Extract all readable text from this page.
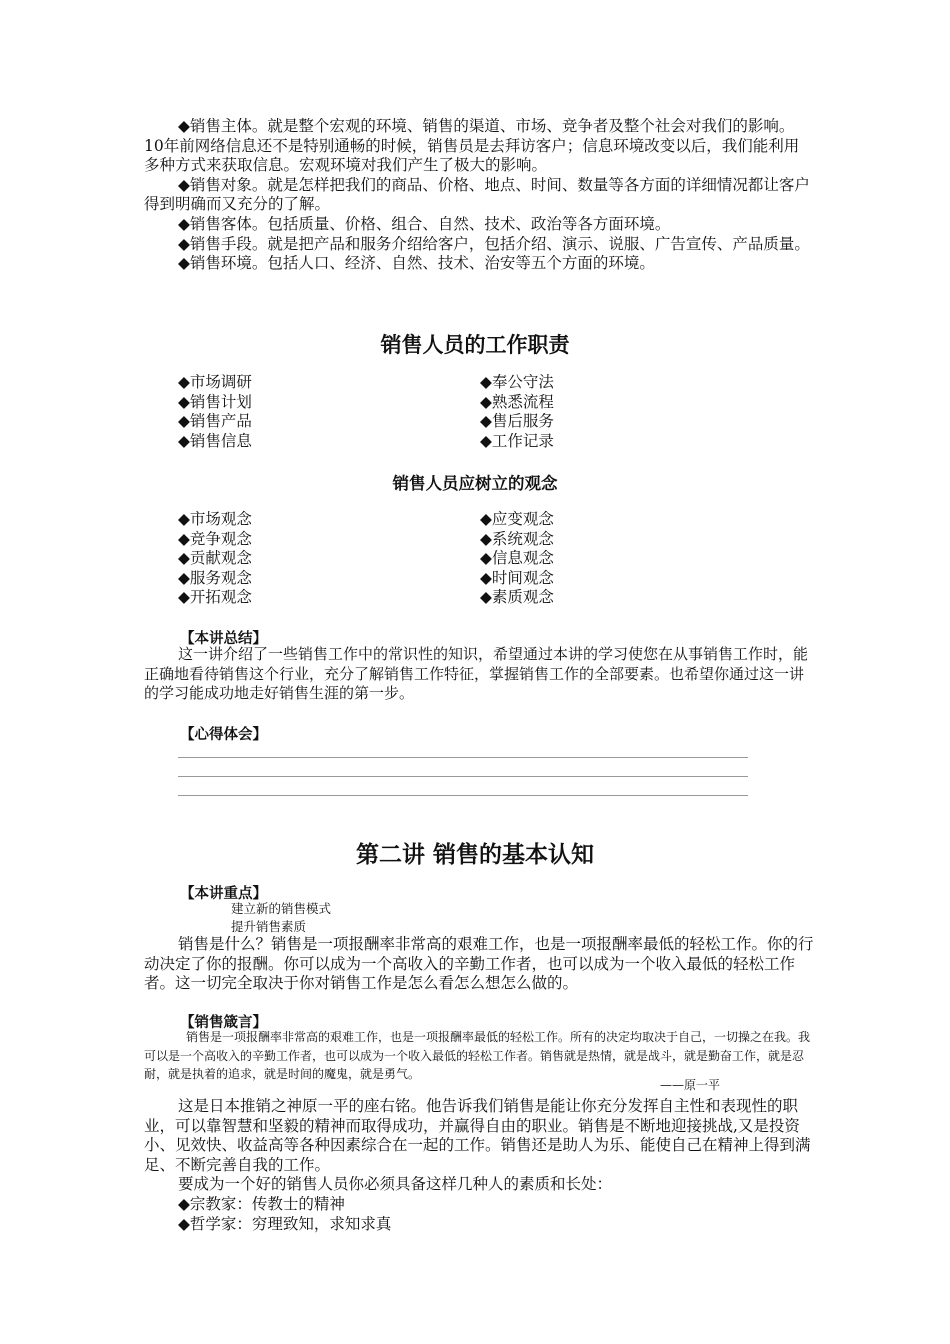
◆销售主体。就是整个宏观的环境、销售的渠道、市场、竞争者及整个社会对我们的影响。10年前网络信息还不是特别通畅的时候，销售员是去拜访客户；信息环境改变以后，我们能利用多种方式来获取信息。宏观环境对我们产生了极大的影响。

◆销售对象。就是怎样把我们的商品、价格、地点、时间、数量等各方面的详细情况都让客户得到明确而又充分的了解。

◆销售客体。包括质量、价格、组合、自然、技术、政治等各方面环境。

◆销售手段。就是把产品和服务介绍给客户，包括介绍、演示、说服、广告宣传、产品质量。

◆销售环境。包括人口、经济、自然、技术、治安等五个方面的环境。

销售人员的工作职责
◆市场调研
◆销售计划
◆销售产品
◆销售信息
◆奉公守法
◆熟悉流程
◆售后服务
◆工作记录
销售人员应树立的观念
◆市场观念
◆竞争观念
◆贡献观念
◆服务观念
◆开拓观念
◆应变观念
◆系统观念
◆信息观念
◆时间观念
◆素质观念
【本讲总结】

这一讲介绍了一些销售工作中的常识性的知识，希望通过本讲的学习使您在从事销售工作时，能正确地看待销售这个行业，充分了解销售工作特征，掌握销售工作的全部要素。也希望你通过这一讲的学习能成功地走好销售生涯的第一步。

【心得体会】
第二讲 销售的基本认知
【本讲重点】
建立新的销售模式
提升销售素质

销售是什么？销售是一项报酬率非常高的艰难工作，也是一项报酬率最低的轻松工作。你的行动决定了你的报酬。你可以成为一个高收入的辛勤工作者，也可以成为一个收入最低的轻松工作者。这一切完全取决于你对销售工作是怎么看怎么想怎么做的。

【销售箴言】

销售是一项报酬率非常高的艰难工作，也是一项报酬率最低的轻松工作。所有的决定均取决于自己，一切操之在我。我可以是一个高收入的辛勤工作者，也可以成为一个收入最低的轻松工作者。销售就是热情，就是战斗，就是勤奋工作，就是忍耐，就是执着的追求，就是时间的魔鬼，就是勇气。

——原一平

这是日本推销之神原一平的座右铭。他告诉我们销售是能让你充分发挥自主性和表现性的职业，可以靠智慧和坚毅的精神而取得成功，并赢得自由的职业。销售是不断地迎接挑战,又是投资小、见效快、收益高等各种因素综合在一起的工作。销售还是助人为乐、能使自己在精神上得到满足、不断完善自我的工作。

要成为一个好的销售人员你必须具备这样几种人的素质和长处：

◆宗教家：传教士的精神

◆哲学家：穷理致知，求知求真
